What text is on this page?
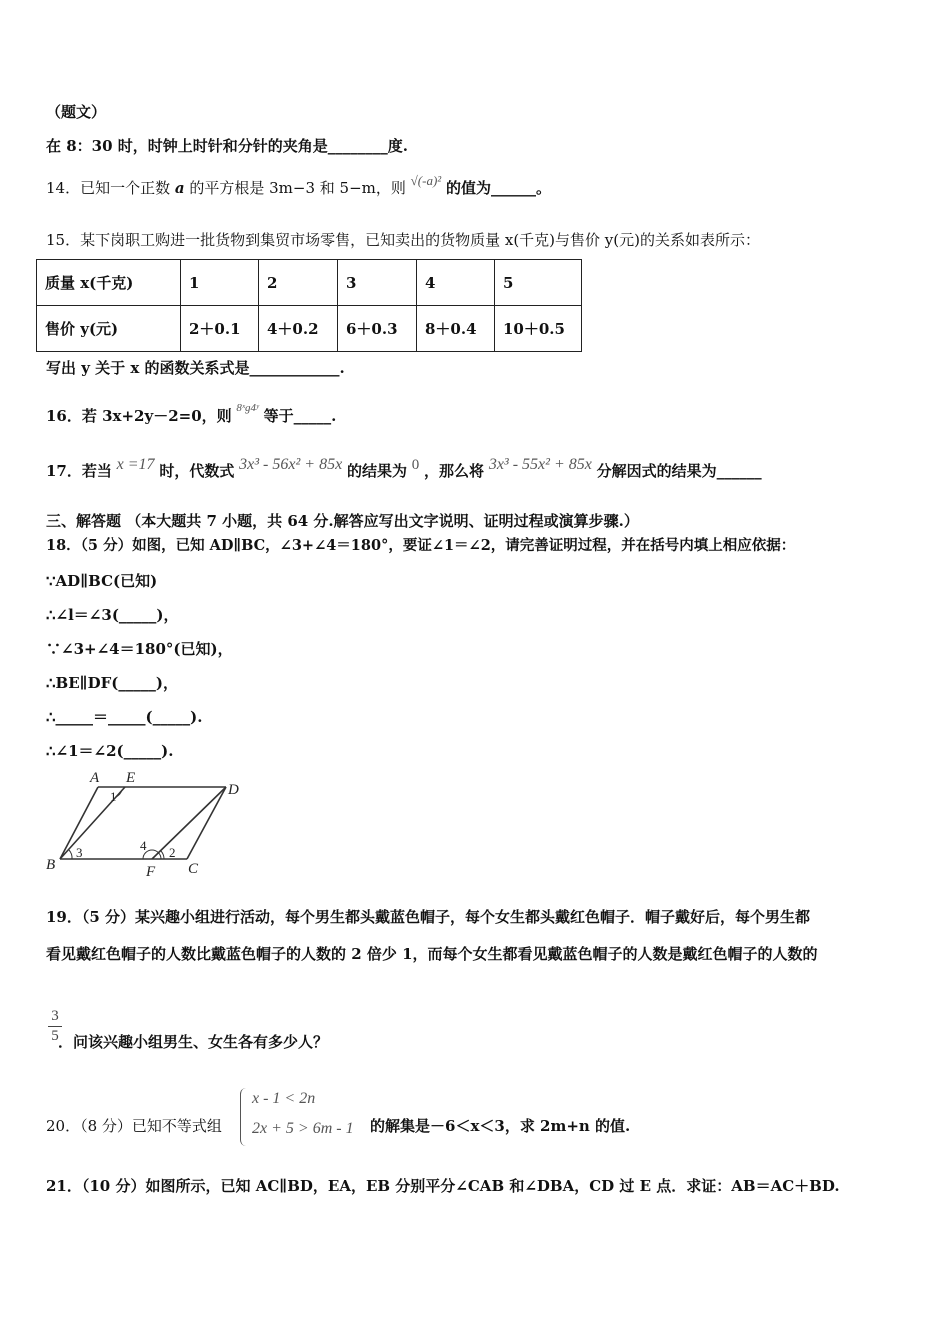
（题文）
在 8：30 时，时钟上时针和分针的夹角是________度.
14．已知一个正数 a 的平方根是 3m−3 和 5−m，则 √(-a)² 的值为______。
15．某下岗职工购进一批货物到集贸市场零售，已知卖出的货物质量 x(千克)与售价 y(元)的关系如表所示：
质量 x(千克)	1	2	3	4	5
售价 y(元)	2＋0.1	4＋0.2	6＋0.3	8＋0.4	10＋0.5
写出 y 关于 x 的函数关系式是____________.
16．若 3x+2y－2=0，则 $^{8ˣg4ʸ}$ 等于_____.
17．若当 x =17 时，代数式 3x³ - 56x² + 85x 的结果为 0 ，那么将 3x³ - 55x² + 85x 分解因式的结果为______
三、解答题 （本大题共 7 小题，共 64 分.解答应写出文字说明、证明过程或演算步骤.）
18．（5 分）如图，已知 AD∥BC，∠3+∠4＝180°，要证∠1＝∠2，请完善证明过程，并在括号内填上相应依据：
∵AD∥BC(已知)
∴∠l＝∠3(_____)，
∵∠3+∠4＝180°(已知)，
∴BE∥DF(_____)，
∴_____＝_____(_____).
∴∠1＝∠2(_____).
A E
D
B	F C
1
3	4 2
19．（5 分）某兴趣小组进行活动，每个男生都头戴蓝色帽子，每个女生都头戴红色帽子．帽子戴好后，每个男生都
看见戴红色帽子的人数比戴蓝色帽子的人数的 2 倍少 1，而每个女生都看见戴蓝色帽子的人数是戴红色帽子的人数的
3
5 ．问该兴趣小组男生、女生各有多少人？
20．（8 分）已知不等式组
x - 1 < 2n
2x + 5 > 6m - 1 的解集是－6＜x＜3，求 2m+n 的值.
21．（10 分）如图所示，已知 AC∥BD，EA，EB 分别平分∠CAB 和∠DBA，CD 过 E 点．求证：AB＝AC＋BD.
